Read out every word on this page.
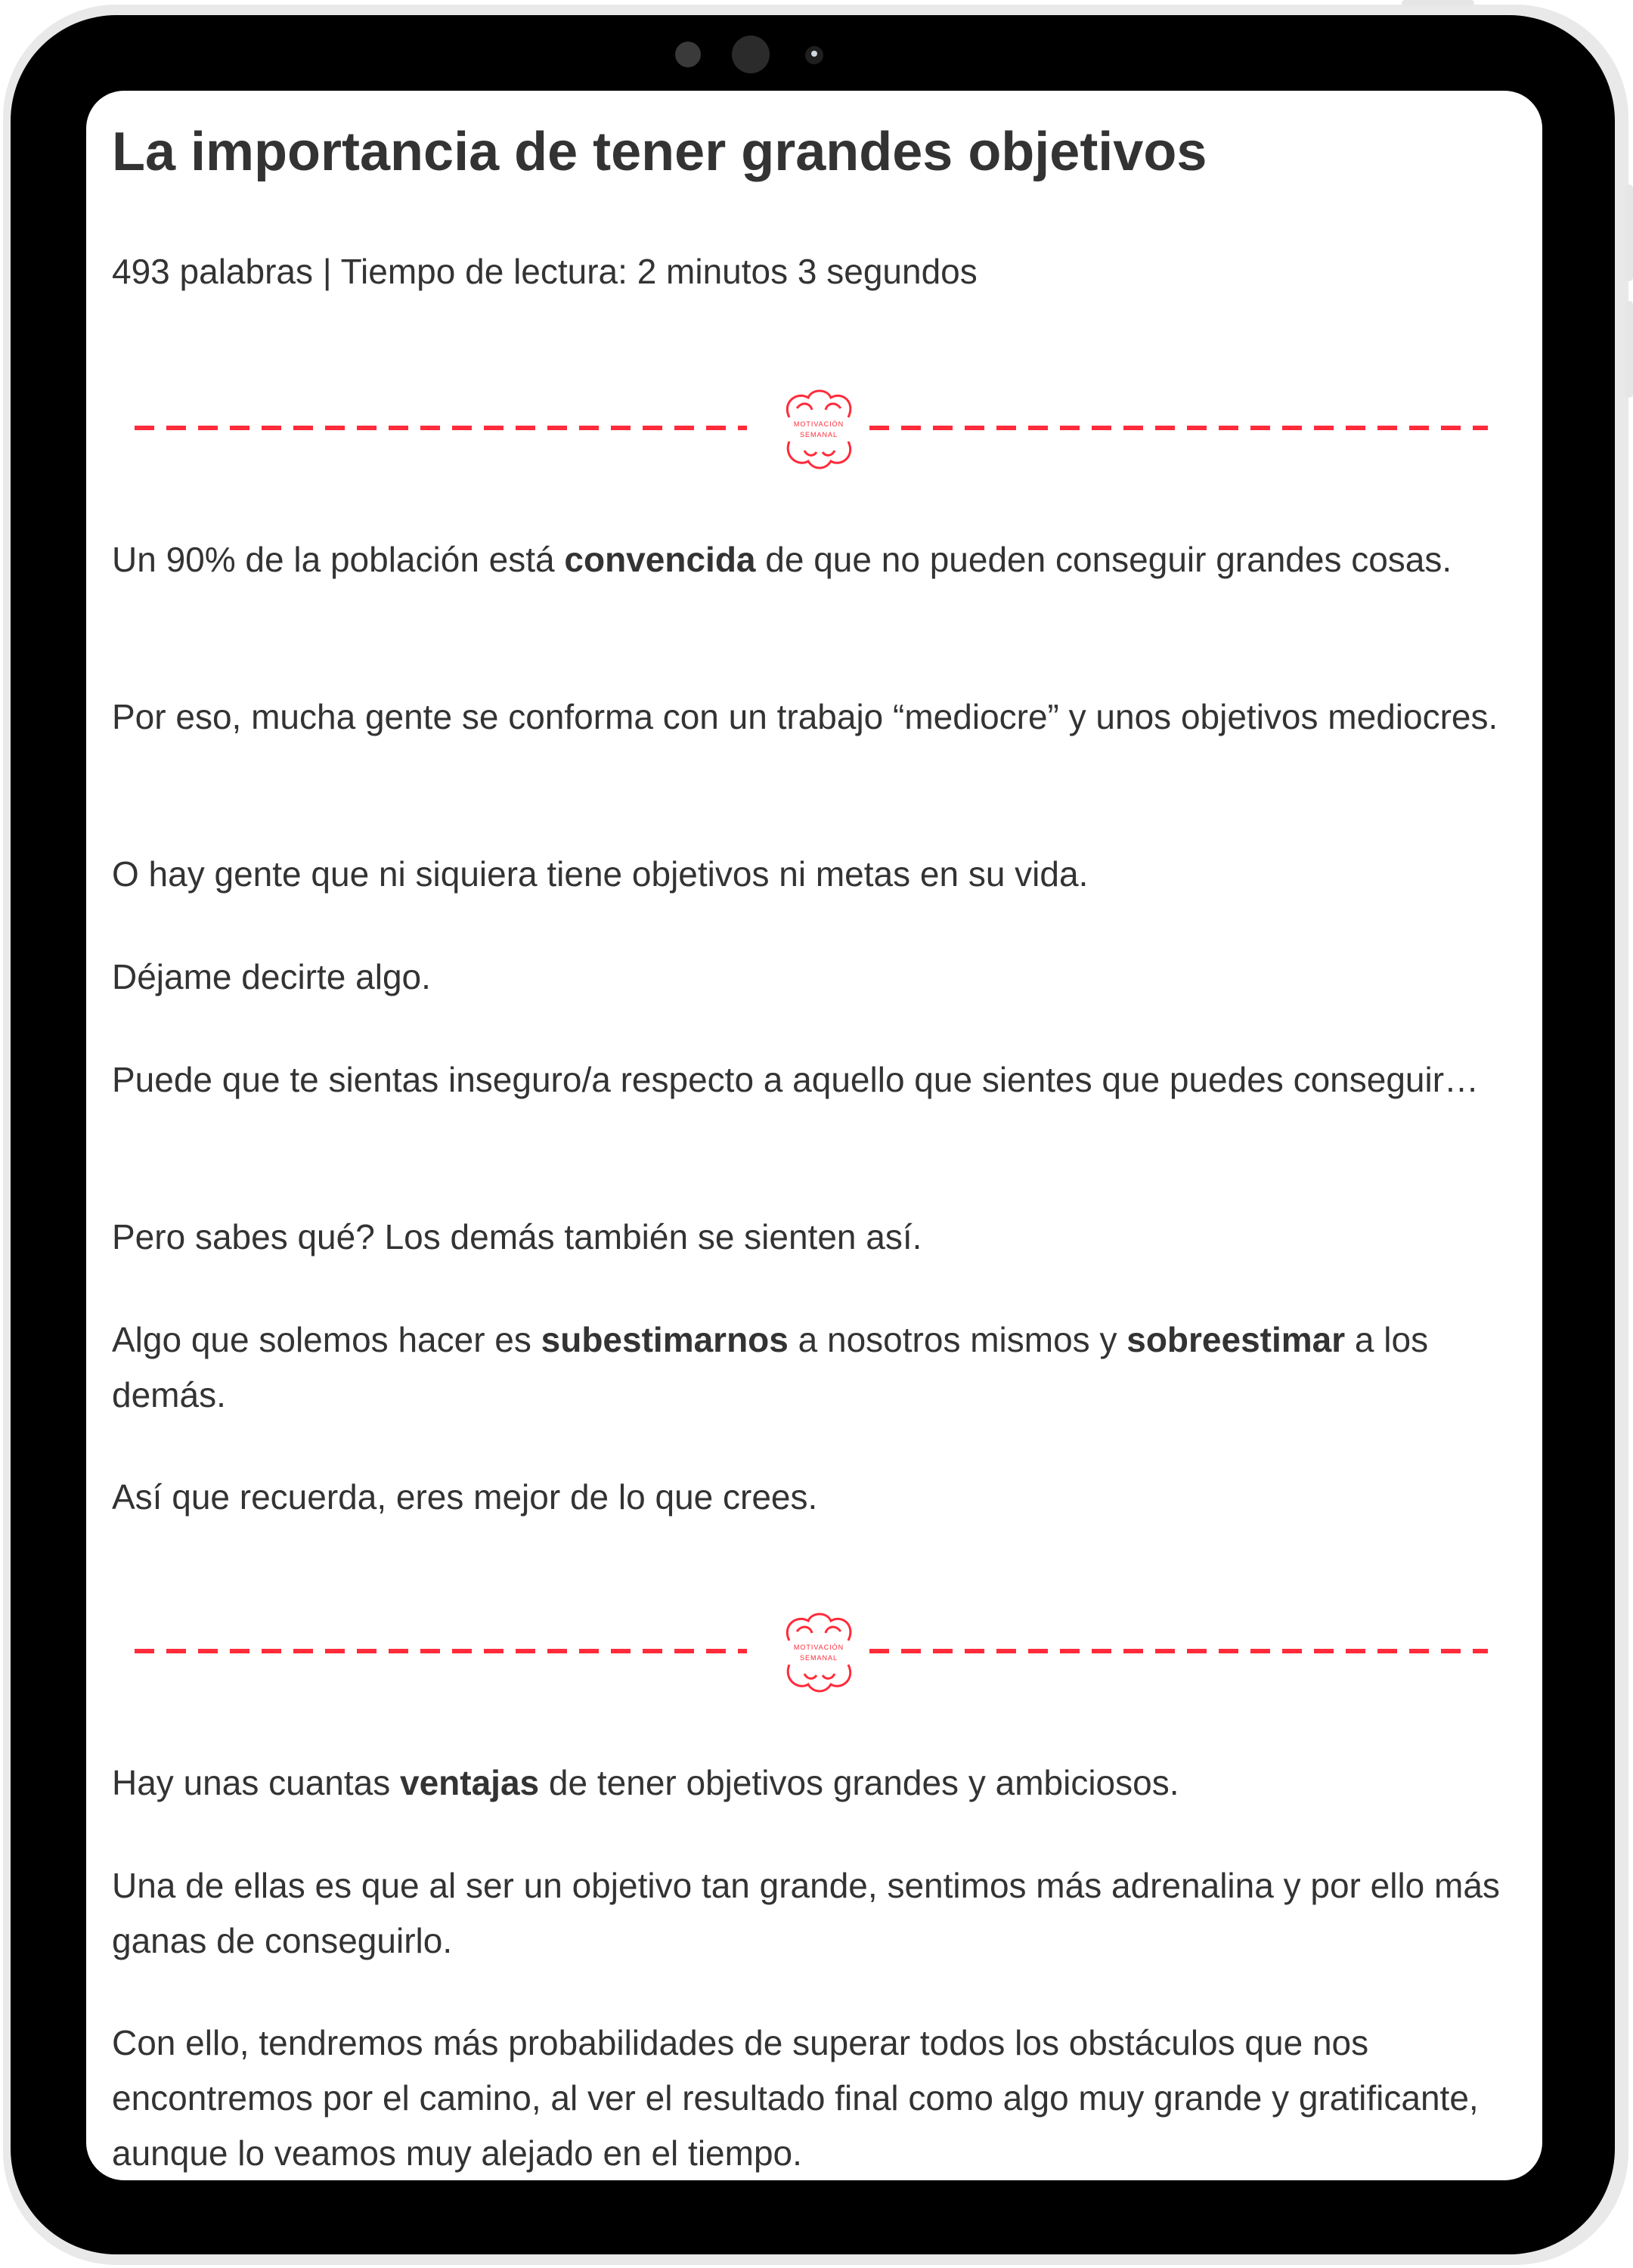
La importancia de tener grandes objetivos

493 palabras | Tiempo de lectura: 2 minutos 3 segundos

MOTIVACIÓN
SEMANAL

Un 90% de la población está convencida de que no pueden conseguir grandes cosas.

Por eso, mucha gente se conforma con un trabajo “mediocre” y unos objetivos mediocres.

O hay gente que ni siquiera tiene objetivos ni metas en su vida.

Déjame decirte algo.

Puede que te sientas inseguro/a respecto a aquello que sientes que puedes conseguir…

Pero sabes qué? Los demás también se sienten así.

Algo que solemos hacer es subestimarnos a nosotros mismos y sobreestimar a los demás.

Así que recuerda, eres mejor de lo que crees.

MOTIVACIÓN
SEMANAL

Hay unas cuantas ventajas de tener objetivos grandes y ambiciosos.

Una de ellas es que al ser un objetivo tan grande, sentimos más adrenalina y por ello más ganas de conseguirlo.

Con ello, tendremos más probabilidades de superar todos los obstáculos que nos encontremos por el camino, al ver el resultado final como algo muy grande y gratificante, aunque lo veamos muy alejado en el tiempo.
